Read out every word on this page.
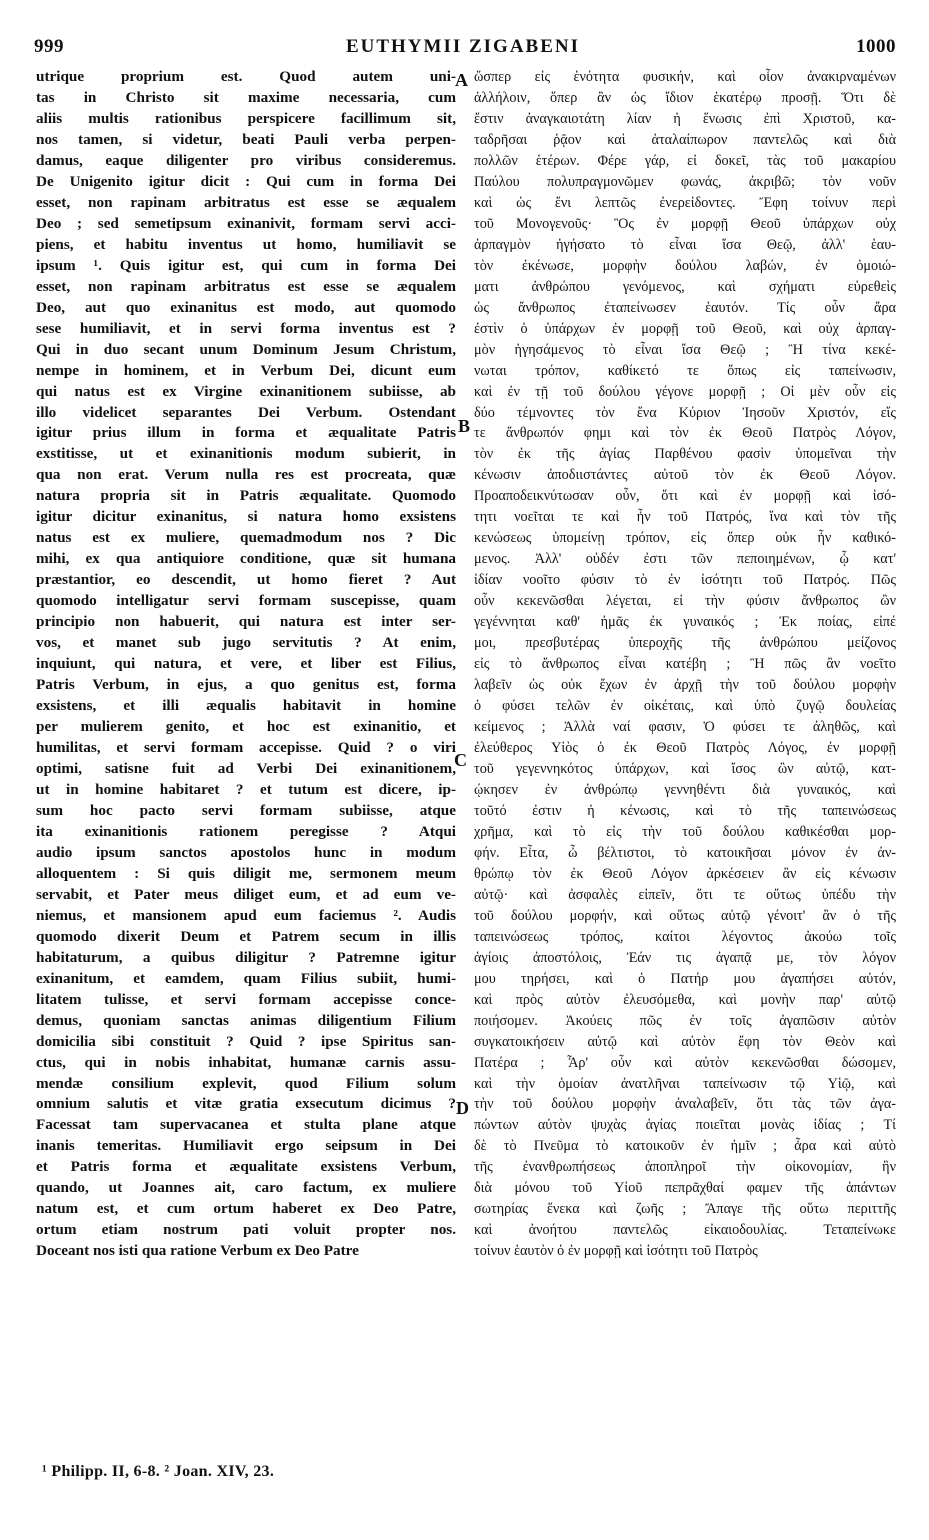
999	EUTHYMII ZIGABENI	1000
utrique proprium est. Quod autem uni-
tas in Christo sit maxime necessaria, cum
aliis multis rationibus perspicere facillimum sit,
nos tamen, si videtur, beati Pauli verba perpen-
damus, eaque diligenter pro viribus consideremus.
De Unigenito igitur dicit : Qui cum in forma Dei
esset, non rapinam arbitratus est esse se æqualem
Deo ; sed semetipsum exinanivit, formam servi acci-
piens, et habitu inventus ut homo, humiliavit se
ipsum ¹. Quis igitur est, qui cum in forma Dei
esset, non rapinam arbitratus est esse se æqualem
Deo, aut quo exinanitus est modo, aut quomodo
sese humiliavit, et in servi forma inventus est ?
Qui in duo secant unum Dominum Jesum Christum,
nempe in hominem, et in Verbum Dei, dicunt eum
qui natus est ex Virgine exinanitionem subiisse, ab
illo videlicet separantes Dei Verbum. Ostendant
igitur prius illum in forma et æqualitate Patris
exstitisse, ut et exinanitionis modum subierit, in
qua non erat. Verum nulla res est procreata, quæ
natura propria sit in Patris æqualitate. Quomodo
igitur dicitur exinanitus, si natura homo exsistens
natus est ex muliere, quemadmodum nos ? Dic
mihi, ex qua antiquiore conditione, quæ sit humana
præstantior, eo descendit, ut homo fieret ? Aut
quomodo intelligatur servi formam suscepisse, quam
principio non habuerit, qui natura est inter ser-
vos, et manet sub jugo servitutis ? At enim,
inquiunt, qui natura, et vere, et liber est Filius,
Patris Verbum, in ejus, a quo genitus est, forma
exsistens, et illi æqualis habitavit in homine
per mulierem genito, et hoc est exinanitio, et
humilitas, et servi formam accepisse. Quid ? o viri
optimi, satisne fuit ad Verbi Dei exinanitionem,
ut in homine habitaret ? et tutum est dicere, ip-
sum hoc pacto servi formam subiisse, atque
ita exinanitionis rationem peregisse ? Atqui
audio ipsum sanctos apostolos hunc in modum
alloquentem : Si quis diligit me, sermonem meum
servabit, et Pater meus diliget eum, et ad eum ve-
niemus, et mansionem apud eum faciemus ². Audis
quomodo dixerit Deum et Patrem secum in illis
habitaturum, a quibus diligitur ? Patremne igitur
exinanitum, et eamdem, quam Filius subiit, humi-
litatem tulisse, et servi formam accepisse conce-
demus, quoniam sanctas animas diligentium Filium
domicilia sibi constituit ? Quid ? ipse Spiritus san-
ctus, qui in nobis inhabitat, humanæ carnis assu-
mendæ consilium explevit, quod Filium solum
omnium salutis et vitæ gratia exsecutum dicimus ?
Facessat tam supervacanea et stulta plane atque
inanis temeritas. Humiliavit ergo seipsum in Dei
et Patris forma et æqualitate exsistens Verbum,
quando, ut Joannes ait, caro factum, ex muliere
natum est, et cum ortum haberet ex Deo Patre,
ortum etiam nostrum pati voluit propter nos.
Doceant nos isti qua ratione Verbum ex Deo Patre
ὥσπερ εἰς ἑνότητα φυσικήν, καὶ οἷον ἀνακιρναμένων
ἀλλήλοιν, ὅπερ ἂν ὡς ἴδιον ἑκατέρῳ προσῇ. Ὅτι δὲ
ἔστιν ἀναγκαιοτάτη λίαν ἡ ἕνωσις ἐπὶ Χριστοῦ, κα-
ταδρῆσαι ῥᾷον καὶ ἀταλαίπωρον παντελῶς καὶ διὰ
πολλῶν ἑτέρων. Φέρε γάρ, εἰ δοκεῖ, τὰς τοῦ μακαρίου
Παύλου πολυπραγμονῶμεν φωνάς, ἀκριβῶ; τὸν νοῦν
καὶ ὡς ἔνι λεπτῶς ἐνερεἰδοντες. Ἔφη τοίνυν περὶ
τοῦ Μονογενοῦς· Ὃς ἐν μορφῇ Θεοῦ ὑπάρχων οὐχ
ἁρπαγμὸν ἡγήσατο τὸ εἶναι ἴσα Θεῷ, ἀλλ' ἑαυ-
τὸν ἐκένωσε, μορφὴν δούλου λαβών, ἐν ὁμοιώ-
ματι ἀνθρώπου γενόμενος, καὶ σχήματι εὑρεθεὶς
ὡς ἄνθρωπος ἐταπείνωσεν ἑαυτόν. Τίς οὖν ἄρα
ἐστὶν ὁ ὑπάρχων ἐν μορφῇ τοῦ Θεοῦ, καὶ οὐχ ἁρπαγ-
μὸν ἡγησάμενος τὸ εἶναι ἴσα Θεῷ ; Ἢ τίνα κεκέ-
νωται τρόπον, καθίκετό τε ὅπως εἰς ταπείνωσιν,
καὶ ἐν τῇ τοῦ δούλου γέγονε μορφῇ ; Οἱ μὲν οὖν εἰς
δύο τέμνοντες τὸν ἕνα Κύριον Ἰησοῦν Χριστόν, εἴς
τε ἄνθρωπόν φημι καὶ τὸν ἐκ Θεοῦ Πατρὸς Λόγον,
τὸν ἐκ τῆς ἁγίας Παρθένου φασὶν ὑπομεῖναι τὴν
κένωσιν ἀποδιιστάντες αὐτοῦ τὸν ἐκ Θεοῦ Λόγον.
Προαποδεικνύτωσαν οὖν, ὅτι καὶ ἐν μορφῇ καὶ ἰσό-
τητι νοεῖται τε καὶ ἦν τοῦ Πατρός, ἵνα καὶ τὸν τῆς
κενώσεως ὑπομείνῃ τρόπον, εἰς ὅπερ οὐκ ἦν καθικό-
μενος. Ἀλλ' οὐδέν ἐστι τῶν πεποιημένων, ᾧ κατ'
ἰδίαν νοοῖτο φύσιν τὸ ἐν ἰσότητι τοῦ Πατρός. Πῶς
οὖν κεκενῶσθαι λέγεται, εἰ τὴν φύσιν ἄνθρωπος ὢν
γεγέννηται καθ' ἡμᾶς ἐκ γυναικός ; Ἐκ ποίας, εἰπέ
μοι, πρεσβυτέρας ὑπεροχῆς τῆς ἀνθρώπου μείζονος
εἰς τὸ ἄνθρωπος εἶναι κατέβη ; Ἢ πῶς ἂν νοεῖτο
λαβεῖν ὡς οὐκ ἔχων ἐν ἀρχῇ τὴν τοῦ δούλου μορφὴν
ὁ φύσει τελῶν ἐν οἰκέταις, καὶ ὑπὸ ζυγῷ δουλείας
κείμενος ; Ἀλλὰ ναί φασιν, Ὁ φύσει τε ἀληθῶς, καὶ
ἐλεύθερος Υἱὸς ὁ ἐκ Θεοῦ Πατρὸς Λόγος, ἐν μορφῇ
τοῦ γεγεννηκότος ὑπάρχων, καὶ ἴσος ὢν αὐτῷ, κατ-
ῴκησεν ἐν ἀνθρώπῳ γεννηθέντι διὰ γυναικός, καὶ
τοῦτό ἐστιν ἡ κένωσις, καὶ τὸ τῆς ταπεινώσεως
χρῆμα, καὶ τὸ εἰς τὴν τοῦ δούλου καθικέσθαι μορ-
φήν. Εἶτα, ὦ βέλτιστοι, τὸ κατοικῆσαι μόνον ἐν ἀν-
θρώπῳ τὸν ἐκ Θεοῦ Λόγον ἀρκέσειεν ἂν εἰς κένωσιν
αὐτῷ· καὶ ἀσφαλὲς εἰπεῖν, ὅτι τε οὕτως ὑπέδυ τὴν
τοῦ δούλου μορφήν, καὶ οὕτως αὐτῷ γένοιτ' ἂν ὁ τῆς
ταπεινώσεως τρόπος, καίτοι λέγοντος ἀκούω τοῖς
ἁγίοις ἀποστόλοις, Ἐάν τις ἀγαπᾷ με, τὸν λόγον
μου τηρήσει, καὶ ὁ Πατήρ μου ἀγαπήσει αὐτόν,
καὶ πρὸς αὐτὸν ἐλευσόμεθα, καὶ μονὴν παρ' αὐτῷ
ποιήσομεν. Ἀκούεις πῶς ἐν τοῖς ἀγαπῶσιν αὐτὸν
συγκατοικήσειν αὐτῷ καὶ αὐτὸν ἔφη τὸν Θεὸν καὶ
Πατέρα ; Ἆρ' οὖν καὶ αὐτὸν κεκενῶσθαι δώσομεν,
καὶ τὴν ὁμοίαν ἀνατλῆναι ταπείνωσιν τῷ Υἱῷ, καὶ
τὴν τοῦ δούλου μορφὴν ἀναλαβεῖν, ὅτι τὰς τῶν ἀγα-
πώντων αὐτὸν ψυχὰς ἁγίας ποιεῖται μονὰς ἰδίας ; Τί
δὲ τὸ Πνεῦμα τὸ κατοικοῦν ἐν ἡμῖν ; ἆρα καὶ αὐτὸ
τῆς ἐνανθρωπήσεως ἀποπληροῖ τὴν οἰκονομίαν, ἣν
διὰ μόνου τοῦ Υἱοῦ πεπρᾶχθαί φαμεν τῆς ἁπάντων
σωτηρίας ἕνεκα καὶ ζωῆς ; Ἄπαγε τῆς οὕτω περιττῆς
καὶ ἀνοήτου παντελῶς εἰκαιοδουλίας. Τεταπείνωκε
τοίνυν ἑαυτὸν ὁ ἐν μορφῇ καὶ ἰσότητι τοῦ Πατρὸς
A
B
C
D
¹ Philipp. II, 6-8. ² Joan. XIV, 23.
